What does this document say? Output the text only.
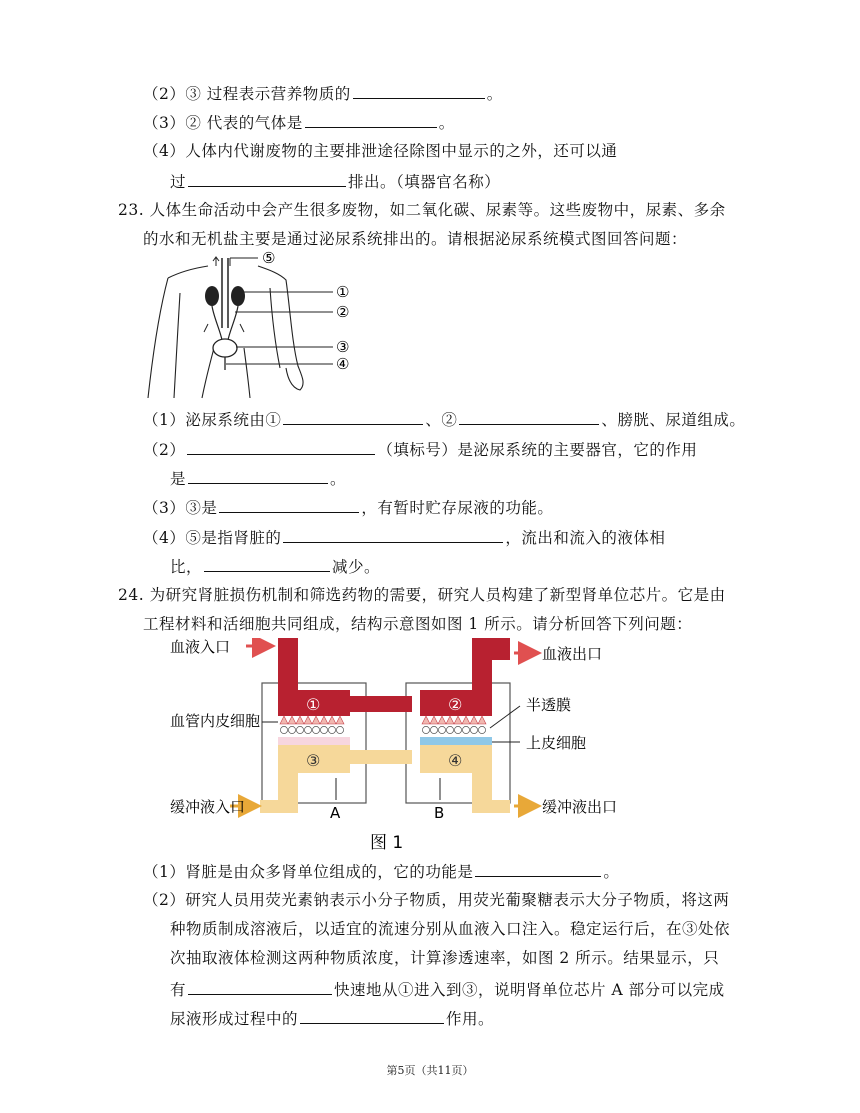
（2）③ 过程表示营养物质的	。
（3）② 代表的气体是	。
（4）人体内代谢废物的主要排泄途径除图中显示的之外，还可以通
过	排出。（填器官名称）
23. 人体生命活动中会产生很多废物，如二氧化碳、尿素等。这些废物中，尿素、多余
的水和无机盐主要是通过泌尿系统排出的。请根据泌尿系统模式图回答问题：
⑤
①
②
③
④
（1）泌尿系统由①	、②	、膀胱、尿道组成。
（2）	（填标号）是泌尿系统的主要器官，它的作用
是	。
（3）③是	，有暂时贮存尿液的功能。
（4）⑤是指肾脏的	，流出和流入的液体相
比，	减少。
24. 为研究肾脏损伤机制和筛选药物的需要，研究人员构建了新型肾单位芯片。它是由
工程材料和活细胞共同组成，结构示意图如图 1 所示。请分析回答下列问题：
①	②
③	④
血液入口	血液出口
血管内皮细胞
半透膜
上皮细胞
缓冲液入口	缓冲液出口
A	B
图 1
（1）肾脏是由众多肾单位组成的，它的功能是	。
（2）研究人员用荧光素钠表示小分子物质，用荧光葡聚糖表示大分子物质，将这两
种物质制成溶液后，以适宜的流速分别从血液入口注入。稳定运行后，在③处依
次抽取液体检测这两种物质浓度，计算渗透速率，如图 2 所示。结果显示，只
有	快速地从①进入到③，说明肾单位芯片 A 部分可以完成
尿液形成过程中的	作用。
第5页（共11页）
